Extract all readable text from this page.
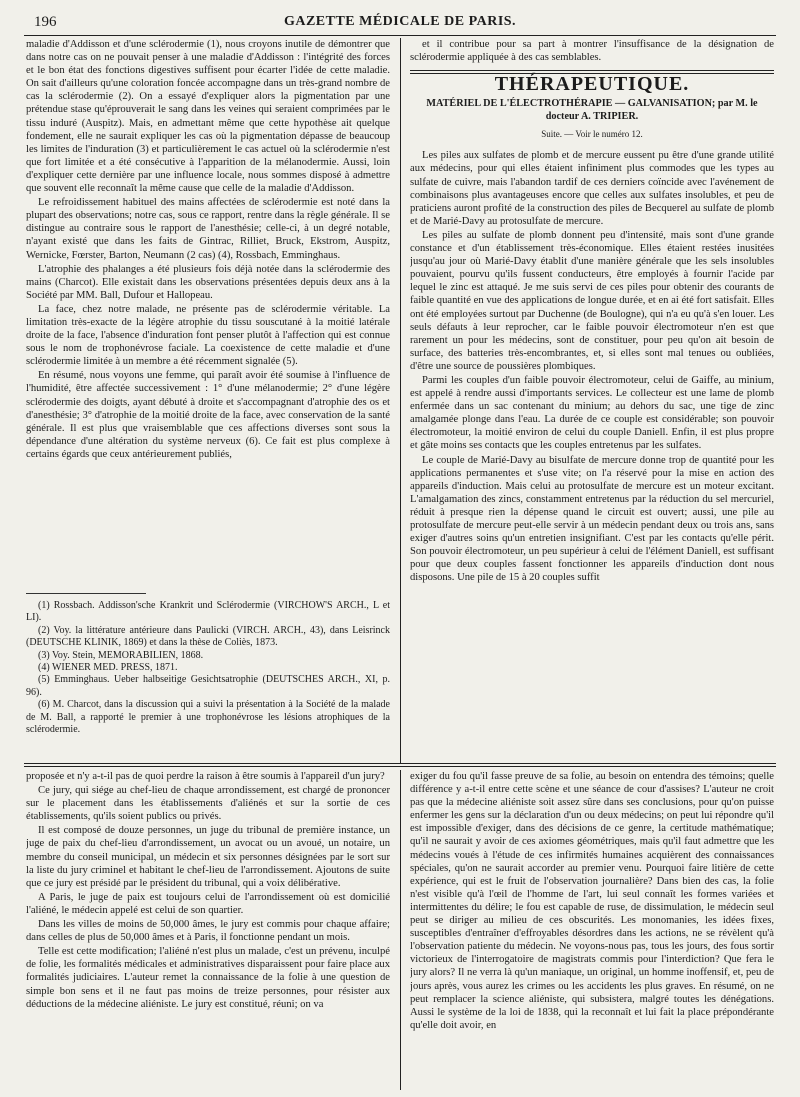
196	GAZETTE MÉDICALE DE PARIS.

maladie d'Addisson et d'une sclérodermie (1), nous croyons inutile de démontrer que dans notre cas on ne pouvait penser à une maladie d'Addisson : l'intégrité des forces et le bon état des fonctions digestives suffisent pour écarter l'idée de cette maladie. On sait d'ailleurs qu'une coloration foncée accompagne dans un très-grand nombre de cas la sclérodermie (2). On a essayé d'expliquer alors la pigmentation par une prétendue stase qu'éprouverait le sang dans les veines qui seraient comprimées par le tissu induré (Auspitz). Mais, en admettant même que cette hypothèse ait quelque fondement, elle ne saurait expliquer les cas où la pigmentation dépasse de beaucoup les limites de l'induration (3) et particulièrement le cas actuel où la sclérodermie n'est que fort limitée et a été consécutive à l'apparition de la mélanodermie. Aussi, loin d'expliquer cette dernière par une influence locale, nous sommes disposé à admettre que souvent elle reconnaît la même cause que celle de la maladie d'Addisson.

Le refroidissement habituel des mains affectées de sclérodermie est noté dans la plupart des observations; notre cas, sous ce rapport, rentre dans la règle générale. Il se distingue au contraire sous le rapport de l'anesthésie; celle-ci, à un degré notable, n'ayant existé que dans les faits de Gintrac, Rilliet, Bruck, Ekstrom, Auspitz, Wernicke, Fœrster, Barton, Neumann (2 cas) (4), Rossbach, Emminghaus.

L'atrophie des phalanges a été plusieurs fois déjà notée dans la sclérodermie des mains (Charcot). Elle existait dans les observations présentées depuis deux ans à la Société par MM. Ball, Dufour et Hallopeau.

La face, chez notre malade, ne présente pas de sclérodermie véritable. La limitation très-exacte de la légère atrophie du tissu souscutané à la moitié latérale droite de la face, l'absence d'induration font penser plutôt à l'affection qui est connue sous le nom de trophonévrose faciale. La coexistence de cette maladie et d'une sclérodermie limitée à un membre a été récemment signalée (5).

En résumé, nous voyons une femme, qui paraît avoir été soumise à l'influence de l'humidité, être affectée successivement : 1° d'une mélanodermie; 2° d'une légère sclérodermie des doigts, ayant débuté à droite et s'accompagnant d'atrophie des os et d'anesthésie; 3° d'atrophie de la moitié droite de la face, avec conservation de la santé générale. Il est plus que vraisemblable que ces affections diverses sont sous la dépendance d'une altération du système nerveux (6). Ce fait est plus complexe à certains égards que ceux antérieurement publiés,

(1) Rossbach. Addisson'sche Krankrit und Sclérodermie (VIRCHOW'S ARCH., L et LI).

(2) Voy. la littérature antérieure dans Paulicki (VIRCH. ARCH., 43), dans Leisrinck (DEUTSCHE KLINIK, 1869) et dans la thèse de Coliès, 1873.

(3) Voy. Stein, MEMORABILIEN, 1868.

(4) WIENER MED. PRESS, 1871.

(5) Emminghaus. Ueber halbseitige Gesichtsatrophie (DEUTSCHES ARCH., XI, p. 96).

(6) M. Charcot, dans la discussion qui a suivi la présentation à la Société de la malade de M. Ball, a rapporté le premier à une trophonévrose les lésions atrophiques de la sclérodermie.

et il contribue pour sa part à montrer l'insuffisance de la désignation de sclérodermie appliquée à des cas semblables.

THÉRAPEUTIQUE.
MATÉRIEL DE L'ÉLECTROTHÉRAPIE — GALVANISATION; par M. le docteur A. TRIPIER.
Suite. — Voir le numéro 12.

Les piles aux sulfates de plomb et de mercure eussent pu être d'une grande utilité aux médecins, pour qui elles étaient infiniment plus commodes que les types au sulfate de cuivre, mais l'abandon tardif de ces derniers coïncide avec l'avénement de combinaisons plus avantageuses encore que celles aux sulfates insolubles, et peu de praticiens auront profité de la construction des piles de Becquerel au sulfate de plomb et de Marié-Davy au protosulfate de mercure.

Les piles au sulfate de plomb donnent peu d'intensité, mais sont d'une grande constance et d'un établissement très-économique. Elles étaient restées inusitées jusqu'au jour où Marié-Davy établit d'une manière générale que les sels insolubles pouvaient, pourvu qu'ils fussent conducteurs, être employés à fournir l'acide par lequel le zinc est attaqué. Je me suis servi de ces piles pour obtenir des courants de faible quantité en vue des applications de longue durée, et en ai été fort satisfait. Elles ont été employées surtout par Duchenne (de Boulogne), qui n'a eu qu'à s'en louer. Les seuls défauts à leur reprocher, car le faible pouvoir électromoteur n'en est que rarement un pour les médecins, sont de constituer, pour peu qu'on ait besoin de surface, des batteries très-encombrantes, et, si elles sont mal tenues ou oubliées, d'être une source de poussières plombiques.

Parmi les couples d'un faible pouvoir électromoteur, celui de Gaiffe, au minium, est appelé à rendre aussi d'importants services. Le collecteur est une lame de plomb enfermée dans un sac contenant du minium; au dehors du sac, une tige de zinc amalgamée plonge dans l'eau. La durée de ce couple est considérable; son pouvoir électromoteur, la moitié environ de celui du couple Daniell. Enfin, il est plus propre et gâte moins ses contacts que les couples entretenus par les sulfates.

Le couple de Marié-Davy au bisulfate de mercure donne trop de quantité pour les applications permanentes et s'use vite; on l'a réservé pour la mise en action des appareils d'induction. Mais celui au protosulfate de mercure est un moteur excitant. L'amalgamation des zincs, constamment entretenus par la réduction du sel mercuriel, réduit à presque rien la dépense quand le circuit est ouvert; aussi, une pile au protosulfate de mercure peut-elle servir à un médecin pendant deux ou trois ans, sans exiger d'autres soins qu'un entretien insignifiant. C'est par les contacts qu'elle périt. Son pouvoir électromoteur, un peu supérieur à celui de l'élément Daniell, est suffisant pour que deux couples fassent fonctionner les appareils d'induction dont nous disposons. Une pile de 15 à 20 couples suffit

proposée et n'y a-t-il pas de quoi perdre la raison à être soumis à l'appareil d'un jury?

Ce jury, qui siége au chef-lieu de chaque arrondissement, est chargé de prononcer sur le placement dans les établissements d'aliénés et sur la sortie de ces établissements, qu'ils soient publics ou privés.

Il est composé de douze personnes, un juge du tribunal de première instance, un juge de paix du chef-lieu d'arrondissement, un avocat ou un avoué, un notaire, un membre du conseil municipal, un médecin et six personnes désignées par le sort sur la liste du jury criminel et habitant le chef-lieu de l'arrondissement. Ajoutons de suite que ce jury est présidé par le président du tribunal, qui a voix délibérative.

A Paris, le juge de paix est toujours celui de l'arrondissement où est domicilié l'aliéné, le médecin appelé est celui de son quartier.

Dans les villes de moins de 50,000 âmes, le jury est commis pour chaque affaire; dans celles de plus de 50,000 âmes et à Paris, il fonctionne pendant un mois.

Telle est cette modification; l'aliéné n'est plus un malade, c'est un prévenu, inculpé de folie, les formalités médicales et administratives disparaissent pour faire place aux formalités judiciaires. L'auteur remet la connaissance de la folie à une question de simple bon sens et il ne faut pas moins de treize personnes, pour résister aux déductions de la médecine aliéniste. Le jury est constitué, réuni; on va

exiger du fou qu'il fasse preuve de sa folie, au besoin on entendra des témoins; quelle différence y a-t-il entre cette scène et une séance de cour d'assises? L'auteur ne croit pas que la médecine aliéniste soit assez sûre dans ses conclusions, pour qu'on puisse enfermer les gens sur la déclaration d'un ou deux médecins; on peut lui répondre qu'il est impossible d'exiger, dans des décisions de ce genre, la certitude mathématique; qu'il ne saurait y avoir de ces axiomes géométriques, mais qu'il faut admettre que les médecins voués à l'étude de ces infirmités humaines acquièrent des connaissances spéciales, qu'on ne saurait accorder au premier venu. Pourquoi faire litière de cette expérience, qui est le fruit de l'observation journalière? Dans bien des cas, la folie n'est visible qu'à l'œil de l'homme de l'art, lui seul connaît les formes variées et intermittentes du délire; le fou est capable de ruse, de dissimulation, le médecin seul peut se diriger au milieu de ces obscurités. Les monomanies, les idées fixes, susceptibles d'entraîner d'effroyables désordres dans les actions, ne se révèlent qu'à l'observation patiente du médecin. Ne voyons-nous pas, tous les jours, des fous sortir victorieux de l'interrogatoire de magistrats commis pour l'interdiction? Que fera le jury alors? Il ne verra là qu'un maniaque, un original, un homme inoffensif, et, peu de jours après, vous aurez les crimes ou les accidents les plus graves. En résumé, on ne peut remplacer la science aliéniste, qui subsistera, malgré toutes les dénégations. Aussi le système de la loi de 1838, qui la reconnaît et lui fait la place prépondérante qu'elle doit avoir, en
